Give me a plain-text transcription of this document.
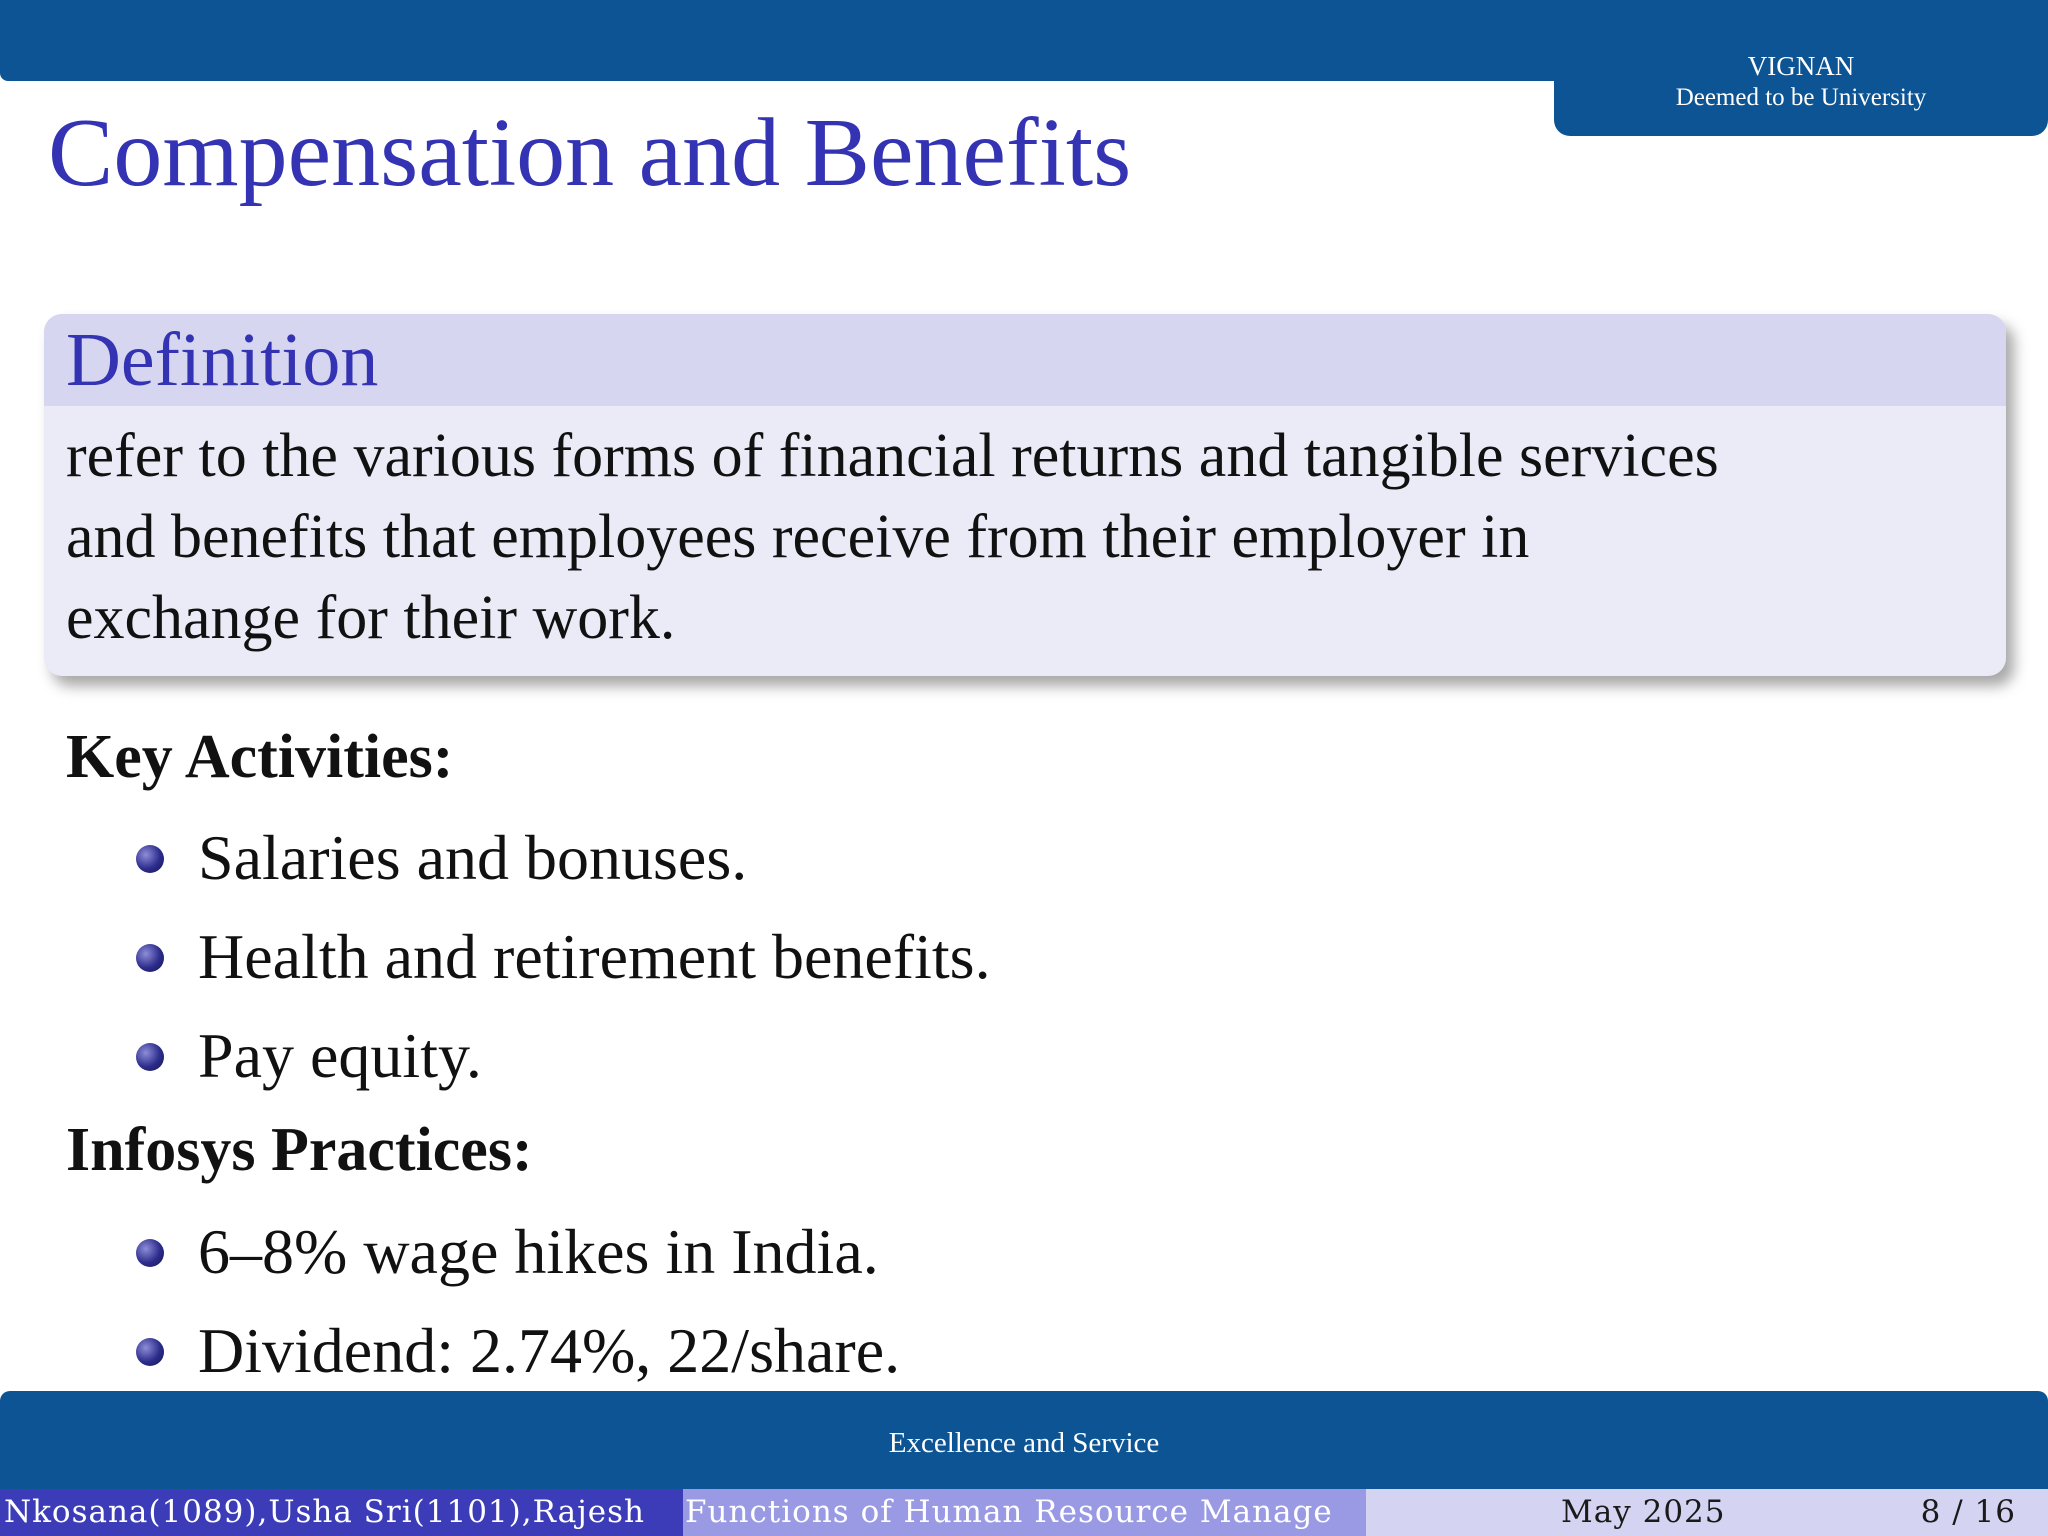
VIGNAN
Deemed to be University
Compensation and Benefits
Definition
refer to the various forms of financial returns and tangible services
and benefits that employees receive from their employer in
exchange for their work.
Key Activities:
Salaries and bonuses.
Health and retirement benefits.
Pay equity.
Infosys Practices:
6–8% wage hikes in India.
Dividend: 2.74%, 22/share.
Excellence and Service
Nkosana(1089),Usha Sri(1101),Rajesh	Functions of Human Resource Manage	May 2025	8 / 16
